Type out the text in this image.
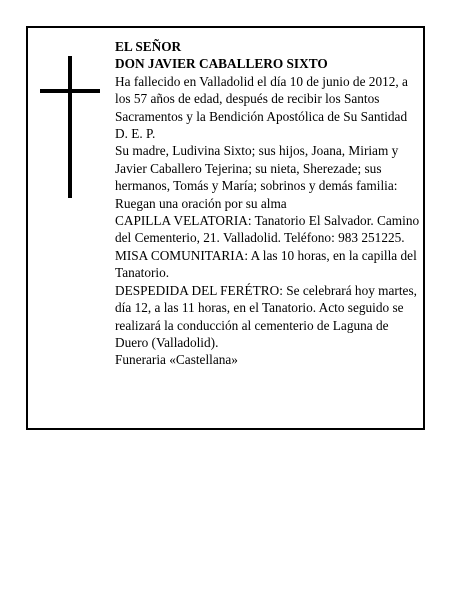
EL SEÑOR

DON JAVIER CABALLERO SIXTO

Ha fallecido en Valladolid el día 10 de junio de 2012, a los 57 años de edad, después de recibir los Santos Sacramentos y la Bendición Apostólica de Su Santidad D. E. P.

Su madre, Ludivina Sixto; sus hijos, Joana, Miriam y Javier Caballero Tejerina; su nieta, Sherezade; sus hermanos, Tomás y María; sobrinos y demás familia: Ruegan una oración por su alma

CAPILLA VELATORIA: Tanatorio El Salvador. Camino del Cementerio, 21. Valladolid. Teléfono: 983 251225.

MISA COMUNITARIA: A las 10 horas, en la capilla del Tanatorio.

DESPEDIDA DEL FERÉTRO: Se celebrará hoy martes, día 12, a las 11 horas, en el Tanatorio. Acto seguido se realizará la conducción al cementerio de Laguna de Duero (Valladolid).

Funeraria «Castellana»
